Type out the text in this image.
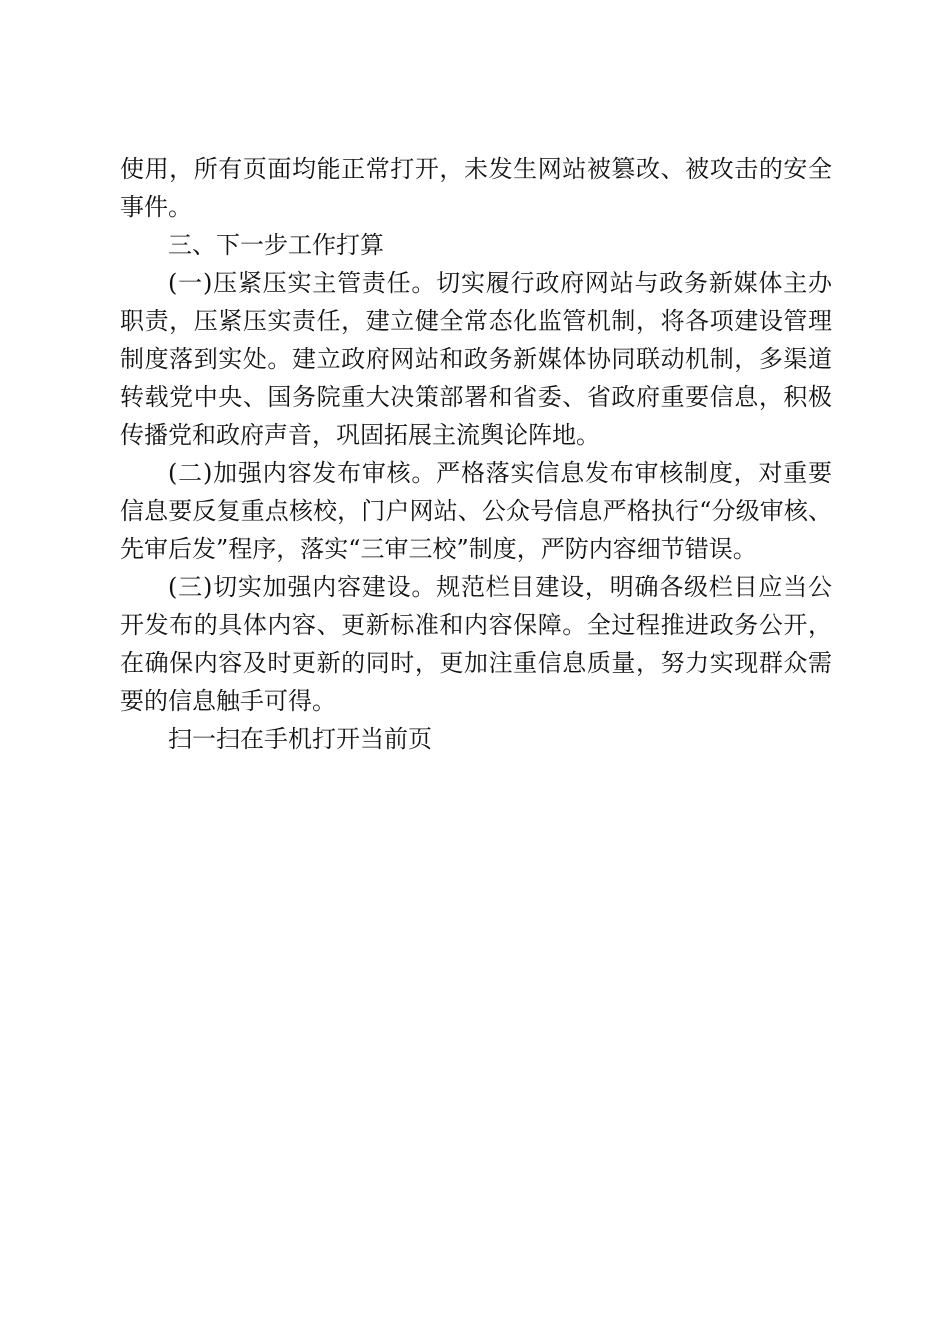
使用，所有页面均能正常打开，未发生网站被篡改、被攻击的安全事件。

三、下一步工作打算

(一)压紧压实主管责任。切实履行政府网站与政务新媒体主办职责，压紧压实责任，建立健全常态化监管机制，将各项建设管理制度落到实处。建立政府网站和政务新媒体协同联动机制，多渠道转载党中央、国务院重大决策部署和省委、省政府重要信息，积极传播党和政府声音，巩固拓展主流舆论阵地。

(二)加强内容发布审核。严格落实信息发布审核制度，对重要信息要反复重点核校，门户网站、公众号信息严格执行“分级审核、先审后发”程序，落实“三审三校”制度，严防内容细节错误。

(三)切实加强内容建设。规范栏目建设，明确各级栏目应当公开发布的具体内容、更新标准和内容保障。全过程推进政务公开，在确保内容及时更新的同时，更加注重信息质量，努力实现群众需要的信息触手可得。

扫一扫在手机打开当前页
